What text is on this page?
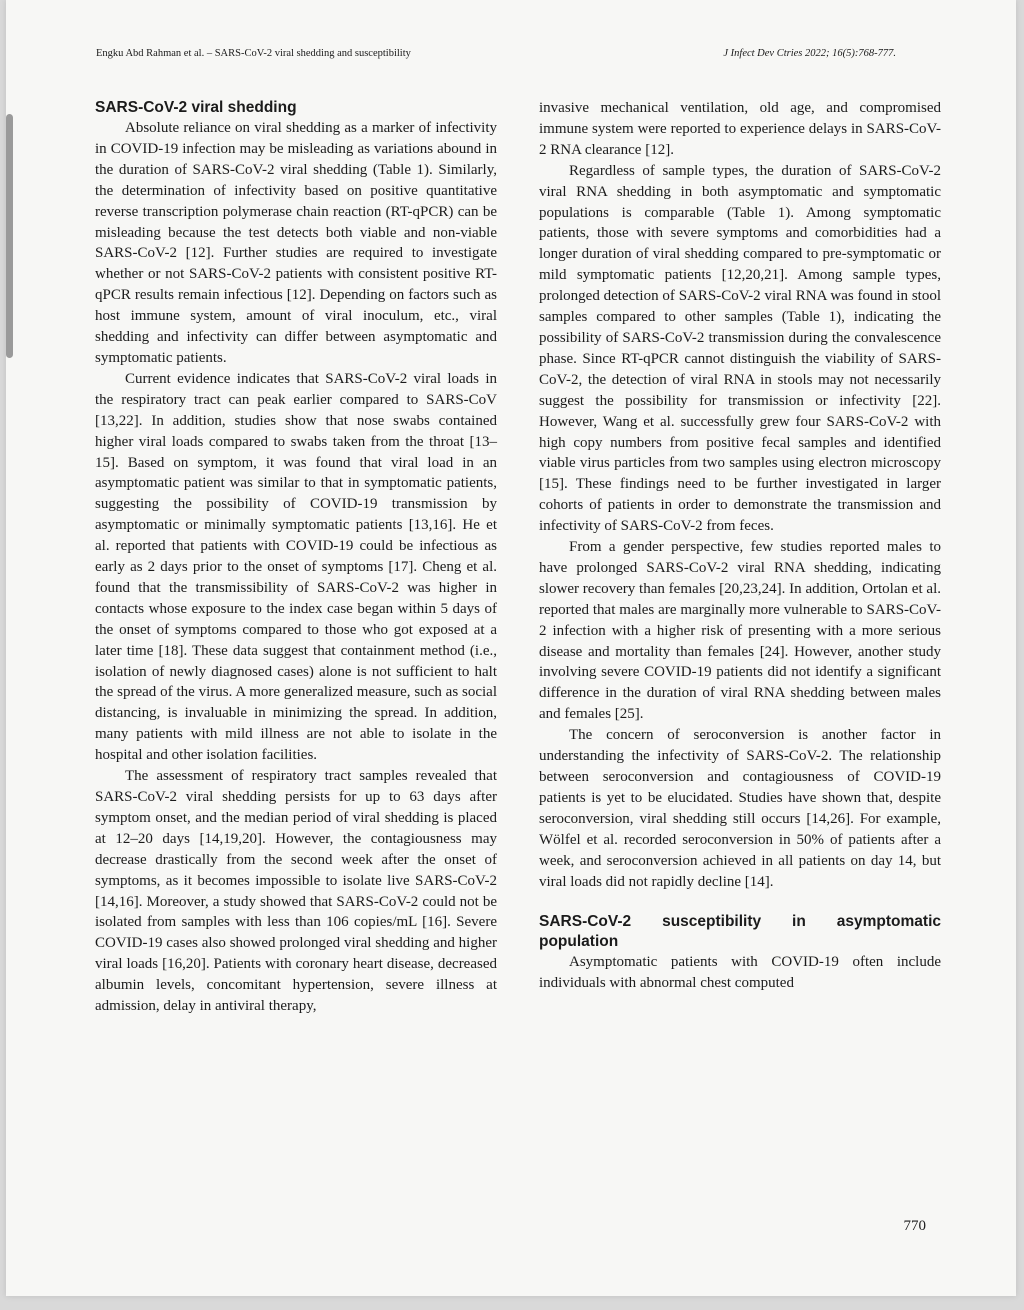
Engku Abd Rahman et al. – SARS-CoV-2 viral shedding and susceptibility	J Infect Dev Ctries 2022; 16(5):768-777.
SARS-CoV-2 viral shedding

Absolute reliance on viral shedding as a marker of infectivity in COVID-19 infection may be misleading as variations abound in the duration of SARS-CoV-2 viral shedding (Table 1). Similarly, the determination of infectivity based on positive quantitative reverse transcription polymerase chain reaction (RT-qPCR) can be misleading because the test detects both viable and non-viable SARS-CoV-2 [12]. Further studies are required to investigate whether or not SARS-CoV-2 patients with consistent positive RT-qPCR results remain infectious [12]. Depending on factors such as host immune system, amount of viral inoculum, etc., viral shedding and infectivity can differ between asymptomatic and symptomatic patients.

Current evidence indicates that SARS-CoV-2 viral loads in the respiratory tract can peak earlier compared to SARS-CoV [13,22]. In addition, studies show that nose swabs contained higher viral loads compared to swabs taken from the throat [13–15]. Based on symptom, it was found that viral load in an asymptomatic patient was similar to that in symptomatic patients, suggesting the possibility of COVID-19 transmission by asymptomatic or minimally symptomatic patients [13,16]. He et al. reported that patients with COVID-19 could be infectious as early as 2 days prior to the onset of symptoms [17]. Cheng et al. found that the transmissibility of SARS-CoV-2 was higher in contacts whose exposure to the index case began within 5 days of the onset of symptoms compared to those who got exposed at a later time [18]. These data suggest that containment method (i.e., isolation of newly diagnosed cases) alone is not sufficient to halt the spread of the virus. A more generalized measure, such as social distancing, is invaluable in minimizing the spread. In addition, many patients with mild illness are not able to isolate in the hospital and other isolation facilities.

The assessment of respiratory tract samples revealed that SARS-CoV-2 viral shedding persists for up to 63 days after symptom onset, and the median period of viral shedding is placed at 12–20 days [14,19,20]. However, the contagiousness may decrease drastically from the second week after the onset of symptoms, as it becomes impossible to isolate live SARS-CoV-2 [14,16]. Moreover, a study showed that SARS-CoV-2 could not be isolated from samples with less than 106 copies/mL [16]. Severe COVID-19 cases also showed prolonged viral shedding and higher viral loads [16,20]. Patients with coronary heart disease, decreased albumin levels, concomitant hypertension, severe illness at admission, delay in antiviral therapy,

invasive mechanical ventilation, old age, and compromised immune system were reported to experience delays in SARS-CoV-2 RNA clearance [12].

Regardless of sample types, the duration of SARS-CoV-2 viral RNA shedding in both asymptomatic and symptomatic populations is comparable (Table 1). Among symptomatic patients, those with severe symptoms and comorbidities had a longer duration of viral shedding compared to pre-symptomatic or mild symptomatic patients [12,20,21]. Among sample types, prolonged detection of SARS-CoV-2 viral RNA was found in stool samples compared to other samples (Table 1), indicating the possibility of SARS-CoV-2 transmission during the convalescence phase. Since RT-qPCR cannot distinguish the viability of SARS-CoV-2, the detection of viral RNA in stools may not necessarily suggest the possibility for transmission or infectivity [22]. However, Wang et al. successfully grew four SARS-CoV-2 with high copy numbers from positive fecal samples and identified viable virus particles from two samples using electron microscopy [15]. These findings need to be further investigated in larger cohorts of patients in order to demonstrate the transmission and infectivity of SARS-CoV-2 from feces.

From a gender perspective, few studies reported males to have prolonged SARS-CoV-2 viral RNA shedding, indicating slower recovery than females [20,23,24]. In addition, Ortolan et al. reported that males are marginally more vulnerable to SARS-CoV-2 infection with a higher risk of presenting with a more serious disease and mortality than females [24]. However, another study involving severe COVID-19 patients did not identify a significant difference in the duration of viral RNA shedding between males and females [25].

The concern of seroconversion is another factor in understanding the infectivity of SARS-CoV-2. The relationship between seroconversion and contagiousness of COVID-19 patients is yet to be elucidated. Studies have shown that, despite seroconversion, viral shedding still occurs [14,26]. For example, Wölfel et al. recorded seroconversion in 50% of patients after a week, and seroconversion achieved in all patients on day 14, but viral loads did not rapidly decline [14].

SARS-CoV-2 susceptibility in asymptomatic population

Asymptomatic patients with COVID-19 often include individuals with abnormal chest computed

770
